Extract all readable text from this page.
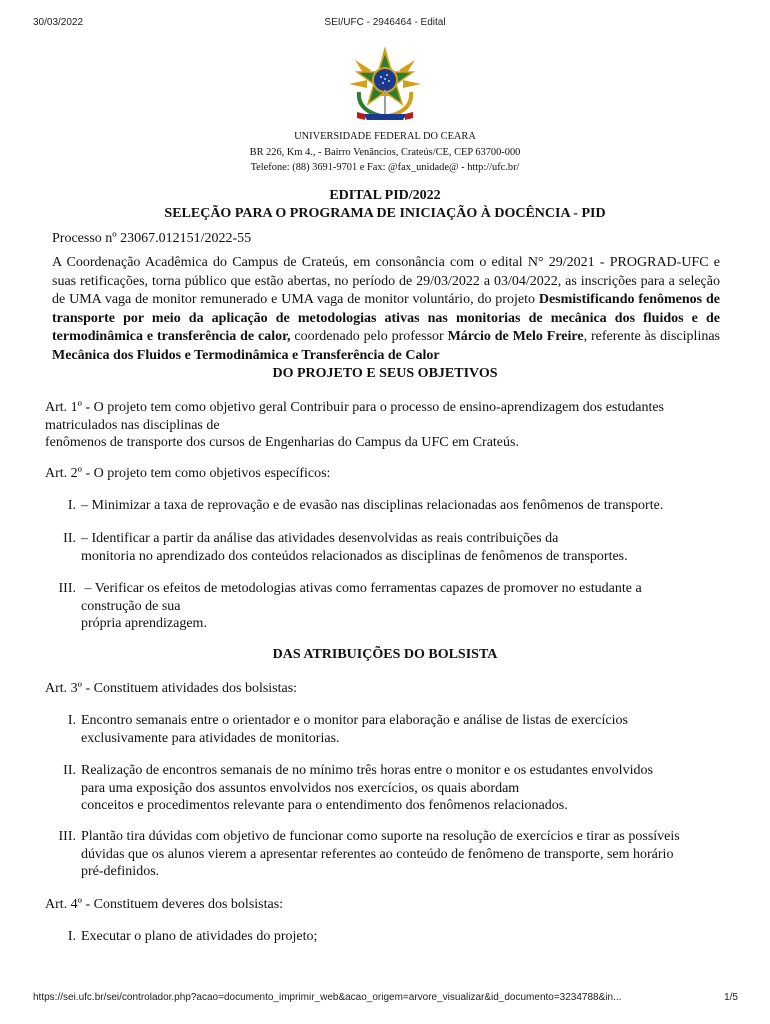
30/03/2022	SEI/UFC - 2946464 - Edital
UNIVERSIDADE FEDERAL DO CEARA
BR 226, Km 4., - Bairro Venâncios, Crateús/CE, CEP 63700-000
Telefone: (88) 3691-9701 e Fax: @fax_unidade@ - http://ufc.br/
EDITAL PID/2022
SELEÇÃO PARA O PROGRAMA DE INICIAÇÃO À DOCÊNCIA - PID
Processo nº 23067.012151/2022-55
A Coordenação Acadêmica do Campus de Crateús, em consonância com o edital N° 29/2021 - PROGRAD-UFC e suas retificações, torna público que estão abertas, no período de 29/03/2022 a 03/04/2022, as inscrições para a seleção de UMA vaga de monitor remunerado e UMA vaga de monitor voluntário, do projeto Desmistificando fenômenos de transporte por meio da aplicação de metodologias ativas nas monitorias de mecânica dos fluidos e de termodinâmica e transferência de calor, coordenado pelo professor Márcio de Melo Freire, referente às disciplinas Mecânica dos Fluidos e Termodinâmica e Transferência de Calor
DO PROJETO E SEUS OBJETIVOS
Art. 1º - O projeto tem como objetivo geral Contribuir para o processo de ensino-aprendizagem dos estudantes matriculados nas disciplinas de
fenômenos de transporte dos cursos de Engenharias do Campus da UFC em Crateús.
Art. 2º - O projeto tem como objetivos específicos:
I. – Minimizar a taxa de reprovação e de evasão nas disciplinas relacionadas aos fenômenos de transporte.
II. – Identificar a partir da análise das atividades desenvolvidas as reais contribuições da
monitoria no aprendizado dos conteúdos relacionados as disciplinas de fenômenos de transportes.
III. – Verificar os efeitos de metodologias ativas como ferramentas capazes de promover no estudante a
construção de sua
própria aprendizagem.
DAS ATRIBUIÇÕES DO BOLSISTA
Art. 3º - Constituem atividades dos bolsistas:
I. Encontro semanais entre o orientador e o monitor para elaboração e análise de listas de exercícios
exclusivamente para atividades de monitorias.
II. Realização de encontros semanais de no mínimo três horas entre o monitor e os estudantes envolvidos
para uma exposição dos assuntos envolvidos nos exercícios, os quais abordam
conceitos e procedimentos relevante para o entendimento dos fenômenos relacionados.
III. Plantão tira dúvidas com objetivo de funcionar como suporte na resolução de exercícios e tirar as possíveis
dúvidas que os alunos vierem a apresentar referentes ao conteúdo de fenômeno de transporte, sem horário
pré-definidos.
Art. 4º - Constituem deveres dos bolsistas:
I. Executar o plano de atividades do projeto;
https://sei.ufc.br/sei/controlador.php?acao=documento_imprimir_web&acao_origem=arvore_visualizar&id_documento=3234788&in...	1/5
